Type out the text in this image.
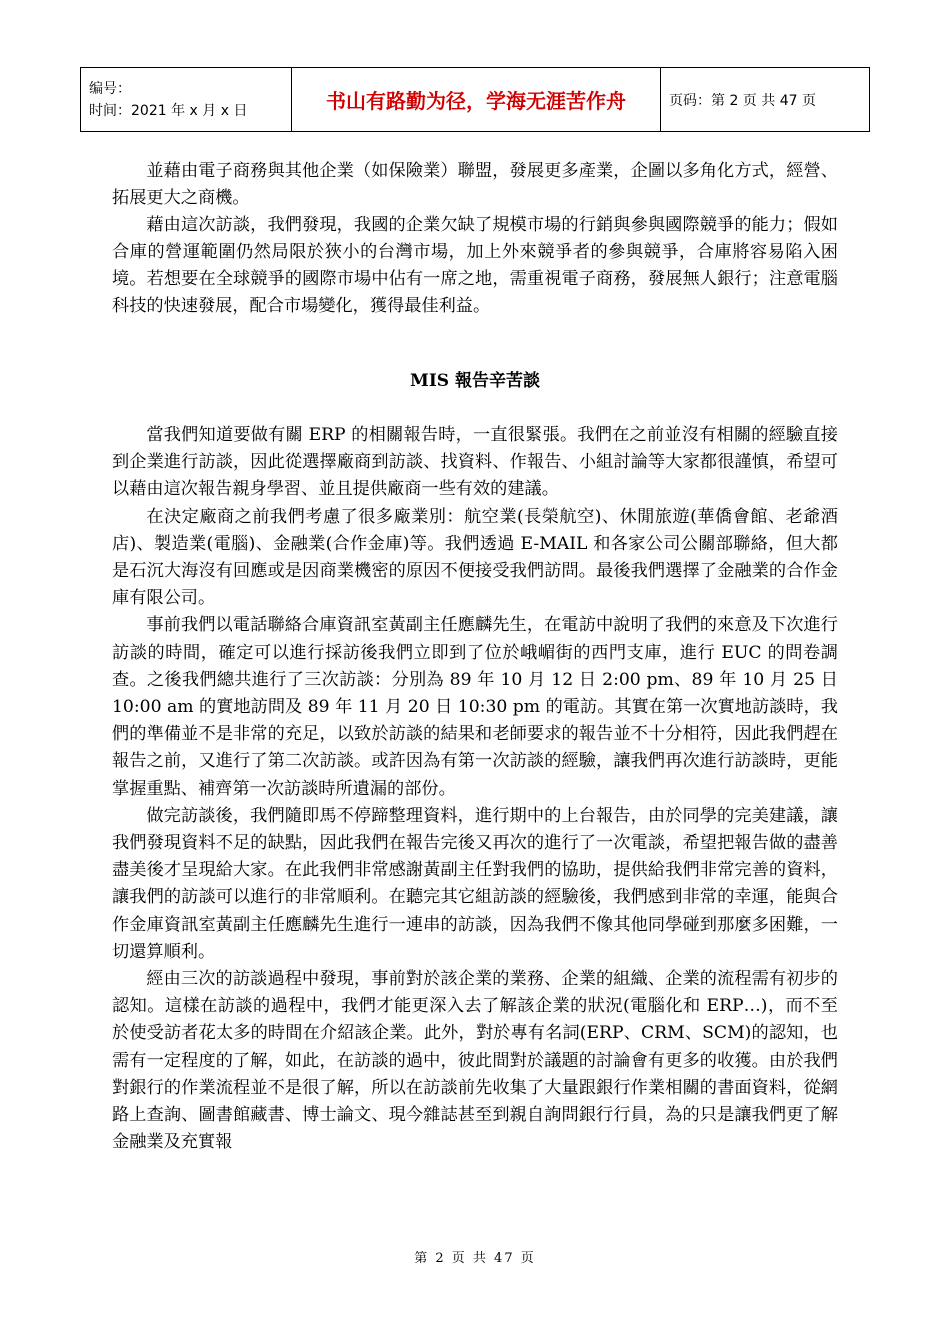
编号：
时间：2021 年 x 月 x 日	书山有路勤为径，学海无涯苦作舟	页码：第 2 页 共 47 页

並藉由電子商務與其他企業（如保險業）聯盟，發展更多產業，企圖以多角化方式，經營、拓展更大之商機。

藉由這次訪談，我們發現，我國的企業欠缺了規模市場的行銷與參與國際競爭的能力；假如合庫的營運範圍仍然局限於狹小的台灣市場，加上外來競爭者的參與競爭，合庫將容易陷入困境。若想要在全球競爭的國際市場中佔有一席之地，需重視電子商務，發展無人銀行；注意電腦科技的快速發展，配合市場變化，獲得最佳利益。

MIS 報告辛苦談

當我們知道要做有關 ERP 的相關報告時，一直很緊張。我們在之前並沒有相關的經驗直接到企業進行訪談，因此從選擇廠商到訪談、找資料、作報告、小組討論等大家都很謹慎，希望可以藉由這次報告親身學習、並且提供廠商一些有效的建議。

在決定廠商之前我們考慮了很多廠業別：航空業(長榮航空)、休閒旅遊(華僑會館、老爺酒店)、製造業(電腦)、金融業(合作金庫)等。我們透過 E-MAIL 和各家公司公關部聯絡，但大都是石沉大海沒有回應或是因商業機密的原因不便接受我們訪問。最後我們選擇了金融業的合作金庫有限公司。

事前我們以電話聯絡合庫資訊室黃副主任應麟先生，在電訪中說明了我們的來意及下次進行訪談的時間，確定可以進行採訪後我們立即到了位於峨嵋街的西門支庫，進行 EUC 的問卷調查。之後我們總共進行了三次訪談：分別為 89 年 10 月 12 日 2:00 pm、89 年 10 月 25 日 10:00 am 的實地訪問及 89 年 11 月 20 日 10:30 pm 的電訪。其實在第一次實地訪談時，我們的準備並不是非常的充足，以致於訪談的結果和老師要求的報告並不十分相符，因此我們趕在報告之前，又進行了第二次訪談。或許因為有第一次訪談的經驗，讓我們再次進行訪談時，更能掌握重點、補齊第一次訪談時所遺漏的部份。

做完訪談後，我們隨即馬不停蹄整理資料，進行期中的上台報告，由於同學的完美建議，讓我們發現資料不足的缺點，因此我們在報告完後又再次的進行了一次電談，希望把報告做的盡善盡美後才呈現給大家。在此我們非常感謝黃副主任對我們的協助，提供給我們非常完善的資料，讓我們的訪談可以進行的非常順利。在聽完其它組訪談的經驗後，我們感到非常的幸運，能與合作金庫資訊室黃副主任應麟先生進行一連串的訪談，因為我們不像其他同學碰到那麼多困難，一切還算順利。

經由三次的訪談過程中發現，事前對於該企業的業務、企業的組織、企業的流程需有初步的認知。這樣在訪談的過程中，我們才能更深入去了解該企業的狀況(電腦化和 ERP…)，而不至於使受訪者花太多的時間在介紹該企業。此外，對於專有名詞(ERP、CRM、SCM)的認知，也需有一定程度的了解，如此，在訪談的過中，彼此間對於議題的討論會有更多的收獲。由於我們對銀行的作業流程並不是很了解，所以在訪談前先收集了大量跟銀行作業相關的書面資料，從網路上查詢、圖書館藏書、博士論文、現今雜誌甚至到親自詢問銀行行員，為的只是讓我們更了解金融業及充實報

第 2 页 共 47 页
